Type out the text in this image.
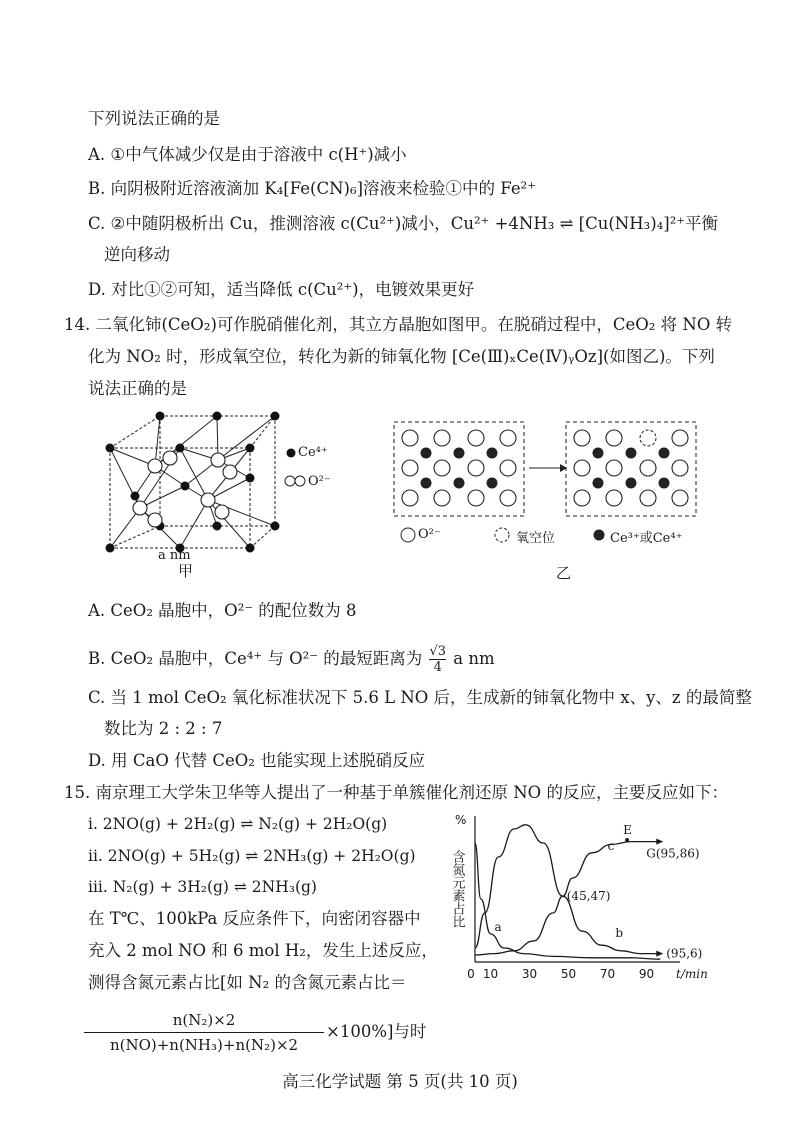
下列说法正确的是
A. ①中气体减少仅是由于溶液中 c(H⁺)减小
B. 向阴极附近溶液滴加 K₄[Fe(CN)₆]溶液来检验①中的 Fe²⁺
C. ②中随阴极析出 Cu，推测溶液 c(Cu²⁺)减小，Cu²⁺ +4NH₃ ⇌ [Cu(NH₃)₄]²⁺平衡
逆向移动
D. 对比①②可知，适当降低 c(Cu²⁺)，电镀效果更好
14. 二氧化铈(CeO₂)可作脱硝催化剂，其立方晶胞如图甲。在脱硝过程中，CeO₂ 将 NO 转
化为 NO₂ 时，形成氧空位，转化为新的铈氧化物 [Ce(Ⅲ)ₓCe(Ⅳ)ᵧOz](如图乙)。下列
说法正确的是
Ce⁴⁺
O²⁻
a nm
甲
O²⁻	氧空位	Ce³⁺或Ce⁴⁺
乙
A. CeO₂ 晶胞中，O²⁻ 的配位数为 8
B. CeO₂ 晶胞中，Ce⁴⁺ 与 O²⁻ 的最短距离为 $\frac{√3}{4}$ a nm
C. 当 1 mol CeO₂ 氧化标准状况下 5.6 L NO 后，生成新的铈氧化物中 x、y、z 的最简整
数比为 2 : 2 : 7
D. 用 CaO 代替 CeO₂ 也能实现上述脱硝反应
15. 南京理工大学朱卫华等人提出了一种基于单簇催化剂还原 NO 的反应，主要反应如下：
i. 2NO(g) + 2H₂(g) ⇌ N₂(g) + 2H₂O(g)
ii. 2NO(g) + 5H₂(g) ⇌ 2NH₃(g) + 2H₂O(g)
iii. N₂(g) + 3H₂(g) ⇌ 2NH₃(g)
在 T℃、100kPa 反应条件下，向密闭容器中
充入 2 mol NO 和 6 mol H₂，发生上述反应，
测得含氮元素占比[如 N₂ 的含氮元素占比＝
n(N₂)×2
n(NO)+n(NH₃)+n(N₂)×2
×100%]与时
%
含氮元素占比
0 10 30 50 70 90 t/min
a	b
c
(45,47)
G(95,86)
(95,6)
E
高三化学试题 第 5 页(共 10 页)
